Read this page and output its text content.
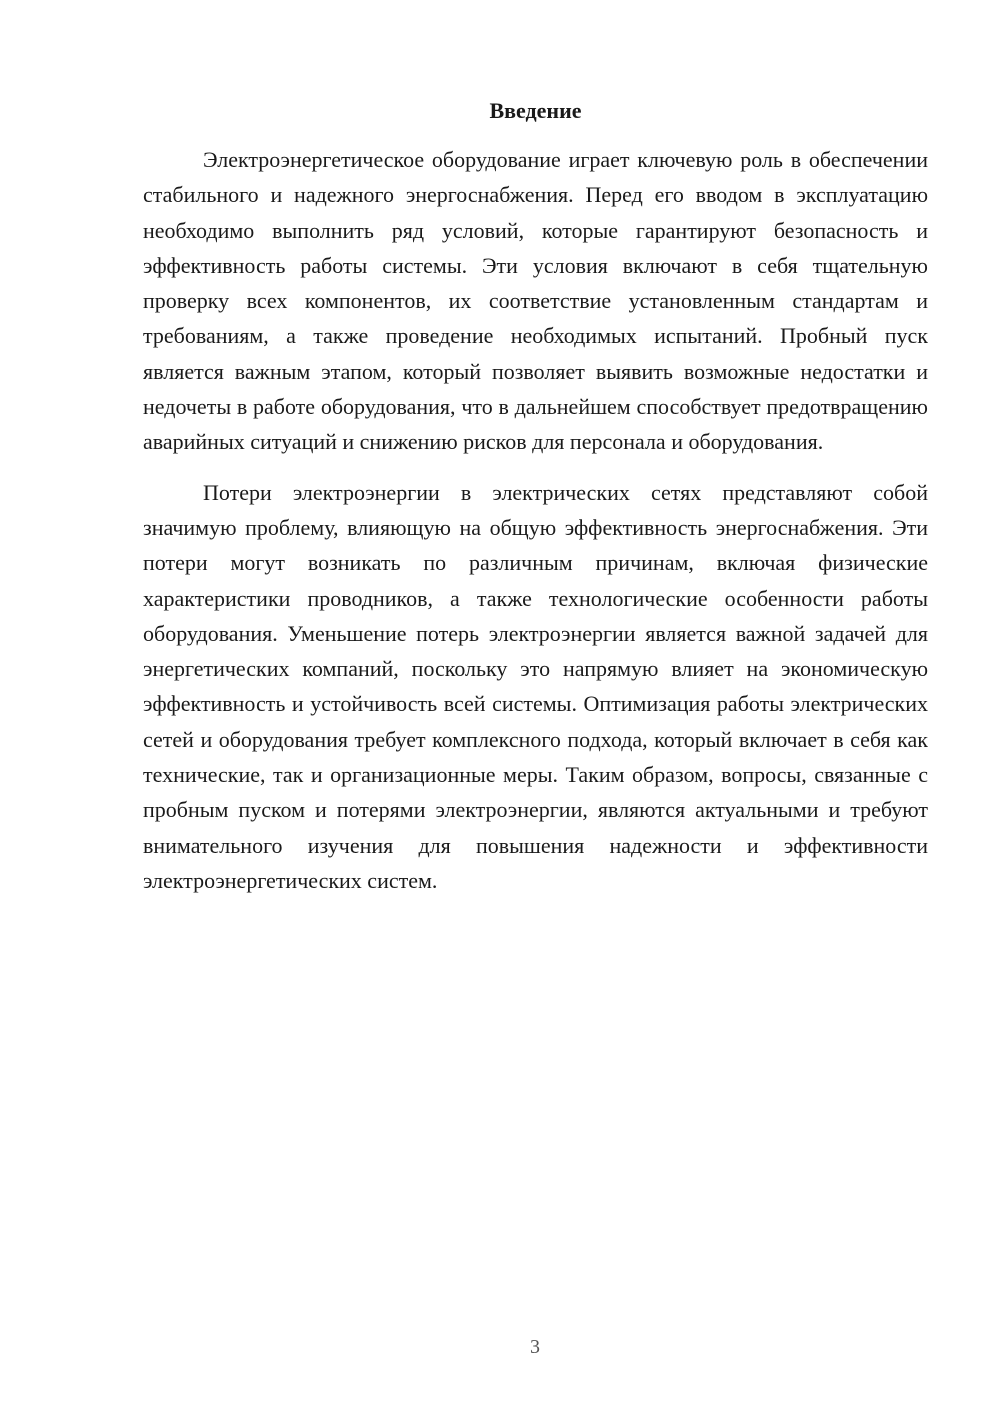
Введение

Электроэнергетическое оборудование играет ключевую роль в обеспечении стабильного и надежного энергоснабжения. Перед его вводом в эксплуатацию необходимо выполнить ряд условий, которые гарантируют безопасность и эффективность работы системы. Эти условия включают в себя тщательную проверку всех компонентов, их соответствие установленным стандартам и требованиям, а также проведение необходимых испытаний. Пробный пуск является важным этапом, который позволяет выявить возможные недостатки и недочеты в работе оборудования, что в дальнейшем способствует предотвращению аварийных ситуаций и снижению рисков для персонала и оборудования.

Потери электроэнергии в электрических сетях представляют собой значимую проблему, влияющую на общую эффективность энергоснабжения. Эти потери могут возникать по различным причинам, включая физические характеристики проводников, а также технологические особенности работы оборудования. Уменьшение потерь электроэнергии является важной задачей для энергетических компаний, поскольку это напрямую влияет на экономическую эффективность и устойчивость всей системы. Оптимизация работы электрических сетей и оборудования требует комплексного подхода, который включает в себя как технические, так и организационные меры. Таким образом, вопросы, связанные с пробным пуском и потерями электроэнергии, являются актуальными и требуют внимательного изучения для повышения надежности и эффективности электроэнергетических систем.

3
